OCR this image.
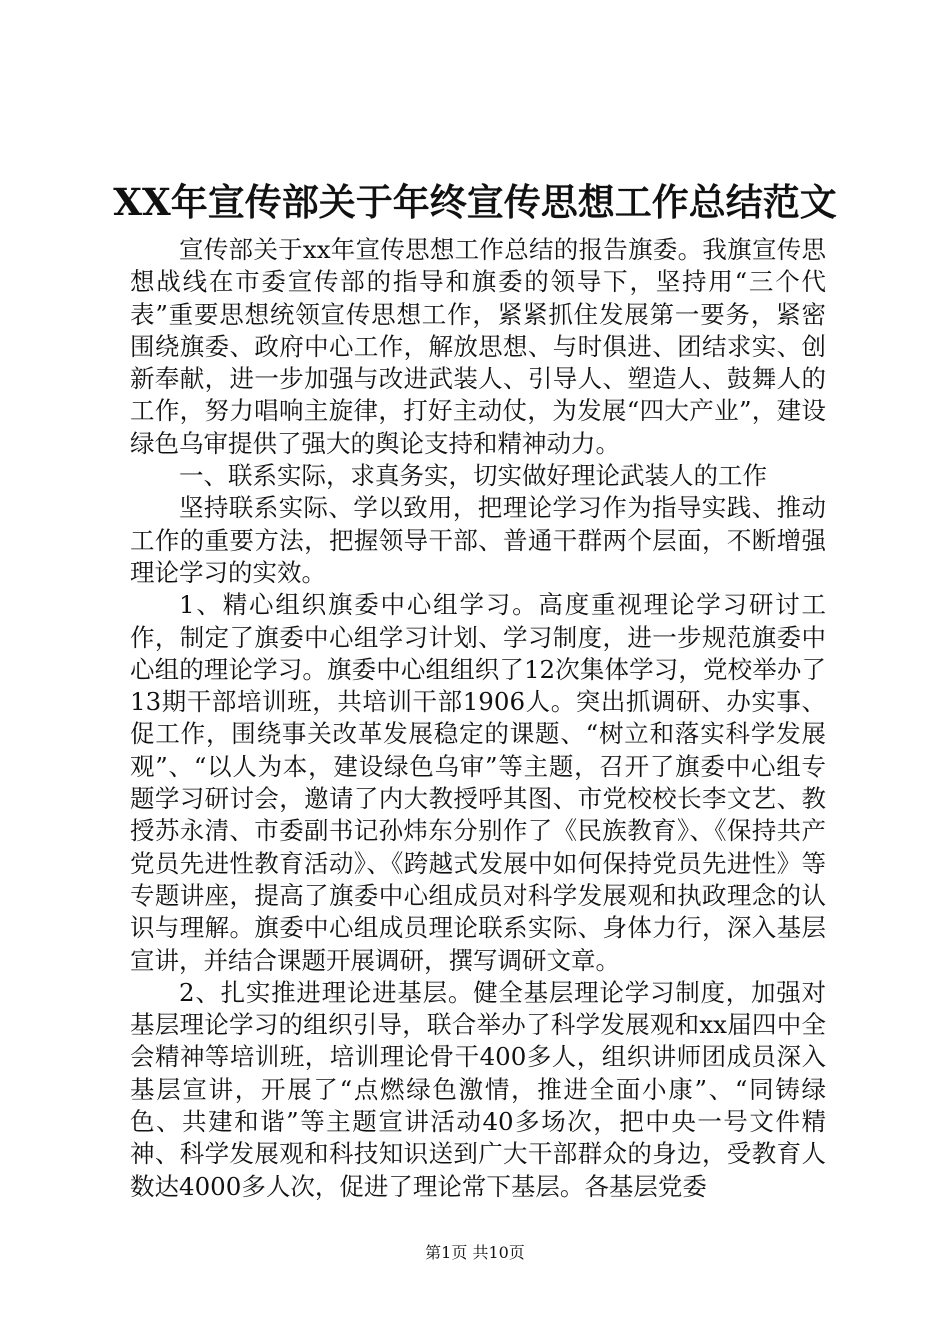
XX年宣传部关于年终宣传思想工作总结范文

宣传部关于xx年宣传思想工作总结的报告旗委。我旗宣传思想战线在市委宣传部的指导和旗委的领导下，坚持用“三个代表”重要思想统领宣传思想工作，紧紧抓住发展第一要务，紧密围绕旗委、政府中心工作，解放思想、与时俱进、团结求实、创新奉献，进一步加强与改进武装人、引导人、塑造人、鼓舞人的工作，努力唱响主旋律，打好主动仗，为发展“四大产业”，建设绿色乌审提供了强大的舆论支持和精神动力。

一、联系实际，求真务实，切实做好理论武装人的工作

坚持联系实际、学以致用，把理论学习作为指导实践、推动工作的重要方法，把握领导干部、普通干群两个层面，不断增强理论学习的实效。

1、精心组织旗委中心组学习。高度重视理论学习研讨工作，制定了旗委中心组学习计划、学习制度，进一步规范旗委中心组的理论学习。旗委中心组组织了12次集体学习，党校举办了13期干部培训班，共培训干部1906人。突出抓调研、办实事、促工作，围绕事关改革发展稳定的课题、“树立和落实科学发展观”、“以人为本，建设绿色乌审”等主题，召开了旗委中心组专题学习研讨会，邀请了内大教授呼其图、市党校校长李文艺、教授苏永清、市委副书记孙炜东分别作了《民族教育》、《保持共产党员先进性教育活动》、《跨越式发展中如何保持党员先进性》等专题讲座，提高了旗委中心组成员对科学发展观和执政理念的认识与理解。旗委中心组成员理论联系实际、身体力行，深入基层宣讲，并结合课题开展调研，撰写调研文章。

2、扎实推进理论进基层。健全基层理论学习制度，加强对基层理论学习的组织引导，联合举办了科学发展观和xx届四中全会精神等培训班，培训理论骨干400多人，组织讲师团成员深入基层宣讲，开展了“点燃绿色激情，推进全面小康”、“同铸绿色、共建和谐”等主题宣讲活动40多场次，把中央一号文件精神、科学发展观和科技知识送到广大干部群众的身边，受教育人数达4000多人次，促进了理论常下基层。各基层党委

第1页 共10页
